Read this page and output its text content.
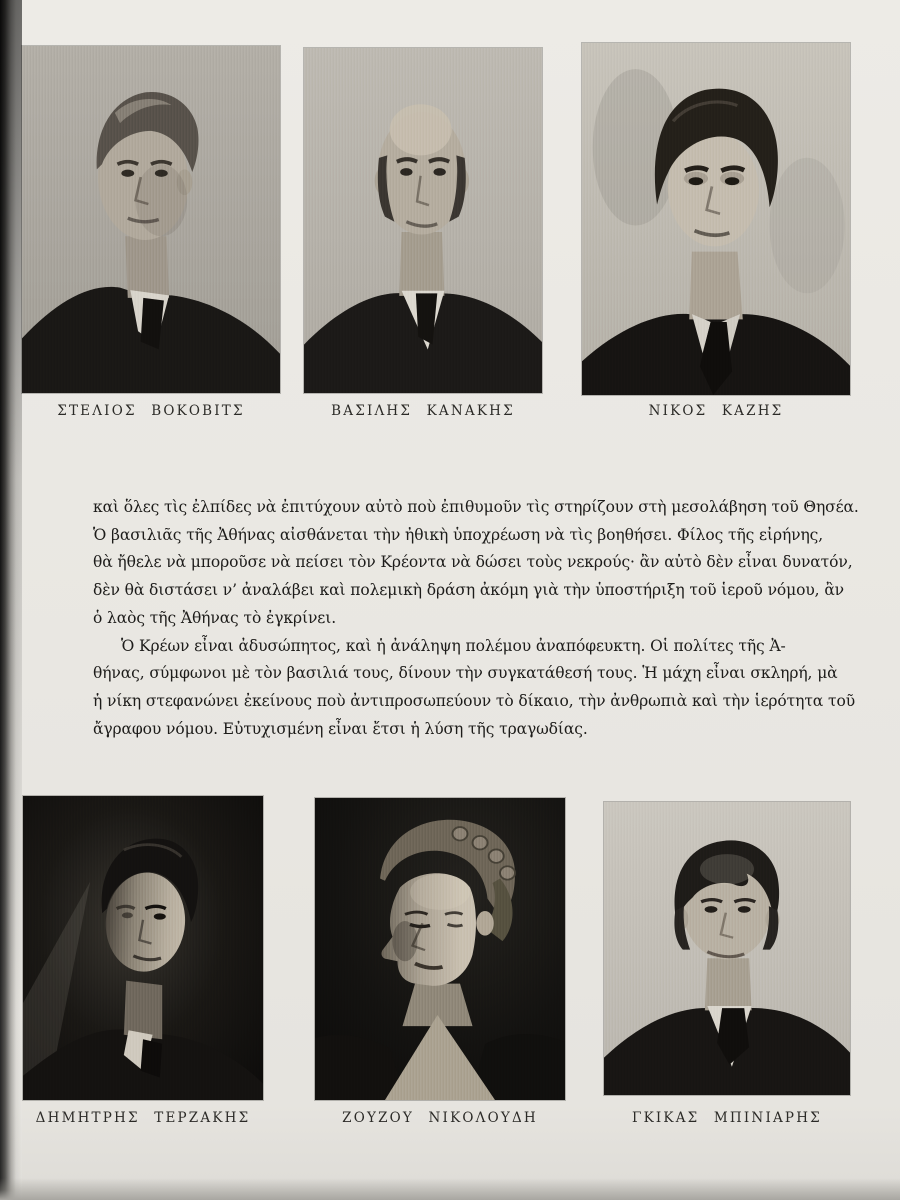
ΣΤΕΛΙΟΣ ΒΟΚΟΒΙΤΣ	ΒΑΣΙΛΗΣ ΚΑΝΑΚΗΣ	ΝΙΚΟΣ ΚΑΖΗΣ
καὶ ὅλες τὶς ἐλπίδες νὰ ἐπιτύχουν αὐτὸ ποὺ ἐπιθυμοῦν τὶς στηρίζουν στὴ μεσολάβηση τοῦ Θησέα.
Ὁ βασιλιᾶς τῆς Ἀθήνας αἰσθάνεται τὴν ἠθικὴ ὑποχρέωση νὰ τὶς βοηθήσει. Φίλος τῆς εἰρήνης,
θὰ ἤθελε νὰ μποροῦσε νὰ πείσει τὸν Κρέοντα νὰ δώσει τοὺς νεκρούς· ἂν αὐτὸ δὲν εἶναι δυνατόν,
δὲν θὰ διστάσει ν’ ἀναλάβει καὶ πολεμικὴ δράση ἀκόμη γιὰ τὴν ὑποστήριξη τοῦ ἱεροῦ νόμου, ἂν
ὁ λαὸς τῆς Ἀθήνας τὸ ἐγκρίνει.
Ὁ Κρέων εἶναι ἀδυσώπητος, καὶ ἡ ἀνάληψη πολέμου ἀναπόφευκτη. Οἱ πολίτες τῆς Ἀ-
θήνας, σύμφωνοι μὲ τὸν βασιλιά τους, δίνουν τὴν συγκατάθεσή τους. Ἡ μάχη εἶναι σκληρή, μὰ
ἡ νίκη στεφανώνει ἐκείνους ποὺ ἀντιπροσωπεύουν τὸ δίκαιο, τὴν ἀνθρωπιὰ καὶ τὴν ἱερότητα τοῦ
ἄγραφου νόμου. Εὐτυχισμένη εἶναι ἔτσι ἡ λύση τῆς τραγωδίας.
ΔΗΜΗΤΡΗΣ ΤΕΡΖΑΚΗΣ	ΖΟΥΖΟΥ ΝΙΚΟΛΟΥΔΗ	ΓΚΙΚΑΣ ΜΠΙΝΙΑΡΗΣ
